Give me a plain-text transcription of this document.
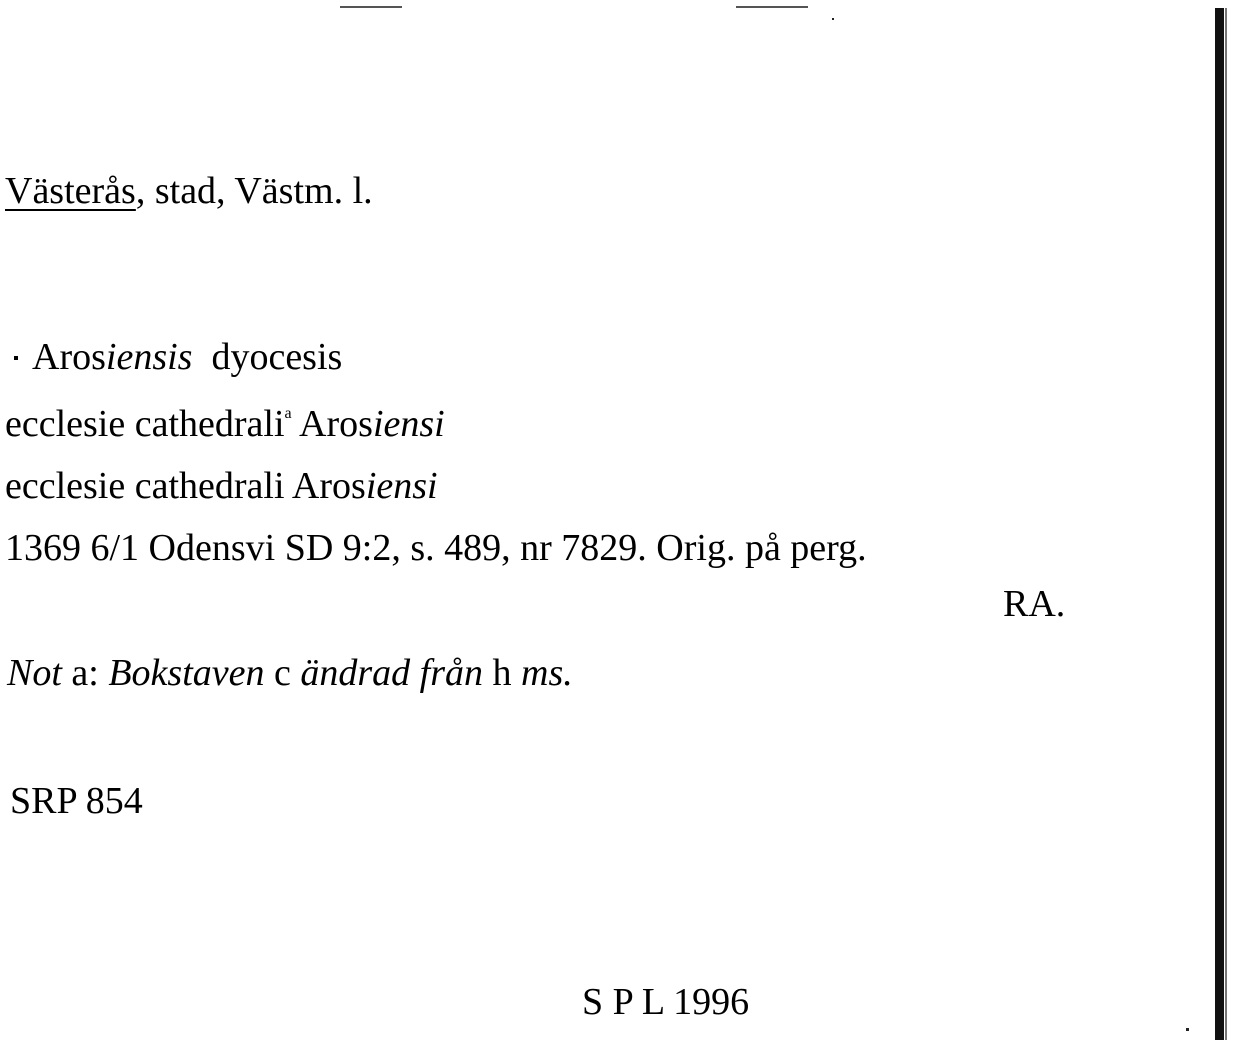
Västerås, stad, Västm. l.
Arosiensis  dyocesis
ecclesie cathedrali$^a$ Arosiensi
ecclesie cathedrali Arosiensi
1369 6/1 Odensvi SD 9:2, s. 489, nr 7829. Orig. på perg.
RA.
Not a: Bokstaven c ändrad från h ms.
SRP 854
S P L 1996
